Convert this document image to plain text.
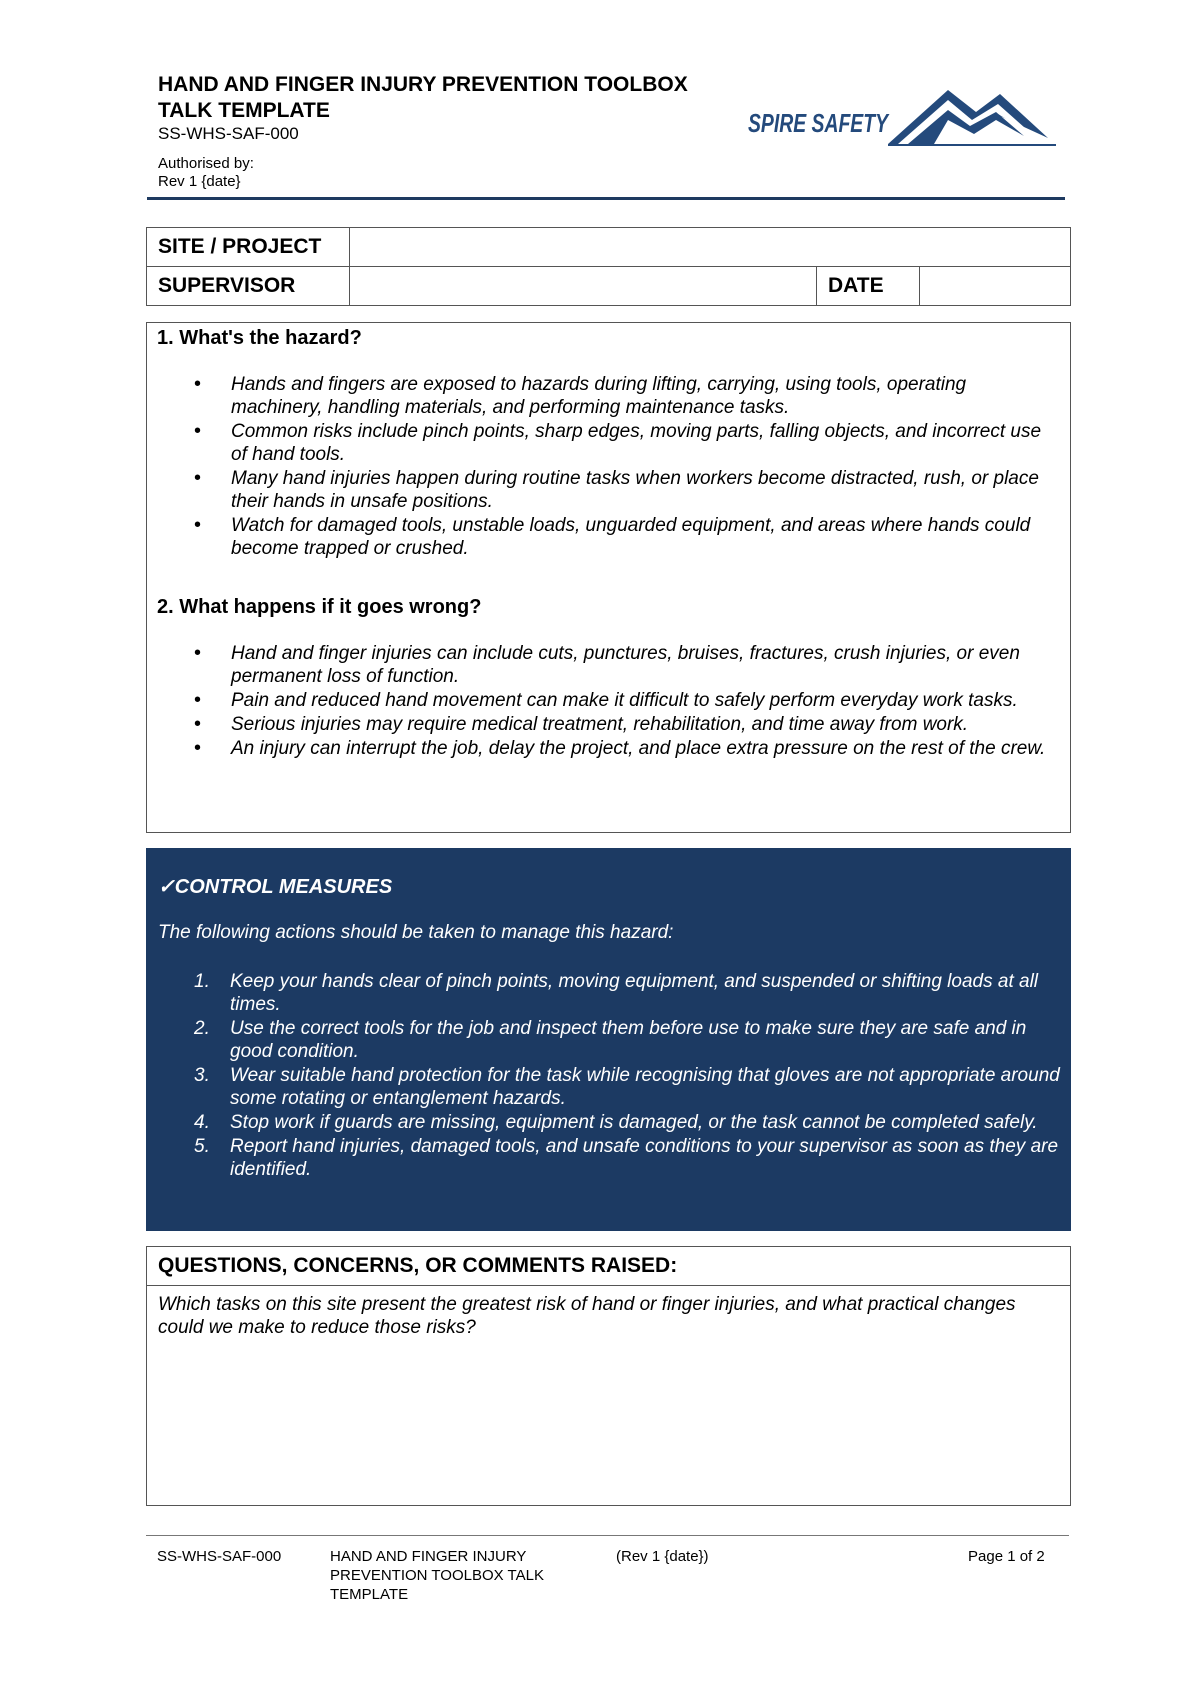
HAND AND FINGER INJURY PREVENTION TOOLBOX
TALK TEMPLATE
SS-WHS-SAF-000
Authorised by:
Rev 1 {date}
SPIRE SAFETY
SITE / PROJECT			
SUPERVISOR		DATE	
1. What's the hazard?
• Hands and fingers are exposed to hazards during lifting, carrying, using tools, operating machinery, handling materials, and performing maintenance tasks.
• Common risks include pinch points, sharp edges, moving parts, falling objects, and incorrect use of hand tools.
• Many hand injuries happen during routine tasks when workers become distracted, rush, or place their hands in unsafe positions.
• Watch for damaged tools, unstable loads, unguarded equipment, and areas where hands could become trapped or crushed.
2. What happens if it goes wrong?
• Hand and finger injuries can include cuts, punctures, bruises, fractures, crush injuries, or even permanent loss of function.
• Pain and reduced hand movement can make it difficult to safely perform everyday work tasks.
• Serious injuries may require medical treatment, rehabilitation, and time away from work.
• An injury can interrupt the job, delay the project, and place extra pressure on the rest of the crew.
✓CONTROL MEASURES
The following actions should be taken to manage this hazard:
1. Keep your hands clear of pinch points, moving equipment, and suspended or shifting loads at all times.
2. Use the correct tools for the job and inspect them before use to make sure they are safe and in good condition.
3. Wear suitable hand protection for the task while recognising that gloves are not appropriate around some rotating or entanglement hazards.
4. Stop work if guards are missing, equipment is damaged, or the task cannot be completed safely.
5. Report hand injuries, damaged tools, and unsafe conditions to your supervisor as soon as they are identified.
QUESTIONS, CONCERNS, OR COMMENTS RAISED:
Which tasks on this site present the greatest risk of hand or finger injuries, and what practical changes could we make to reduce those risks?
SS-WHS-SAF-000	HAND AND FINGER INJURY PREVENTION TOOLBOX TALK TEMPLATE
(Rev 1 {date})	Page 1 of 2
